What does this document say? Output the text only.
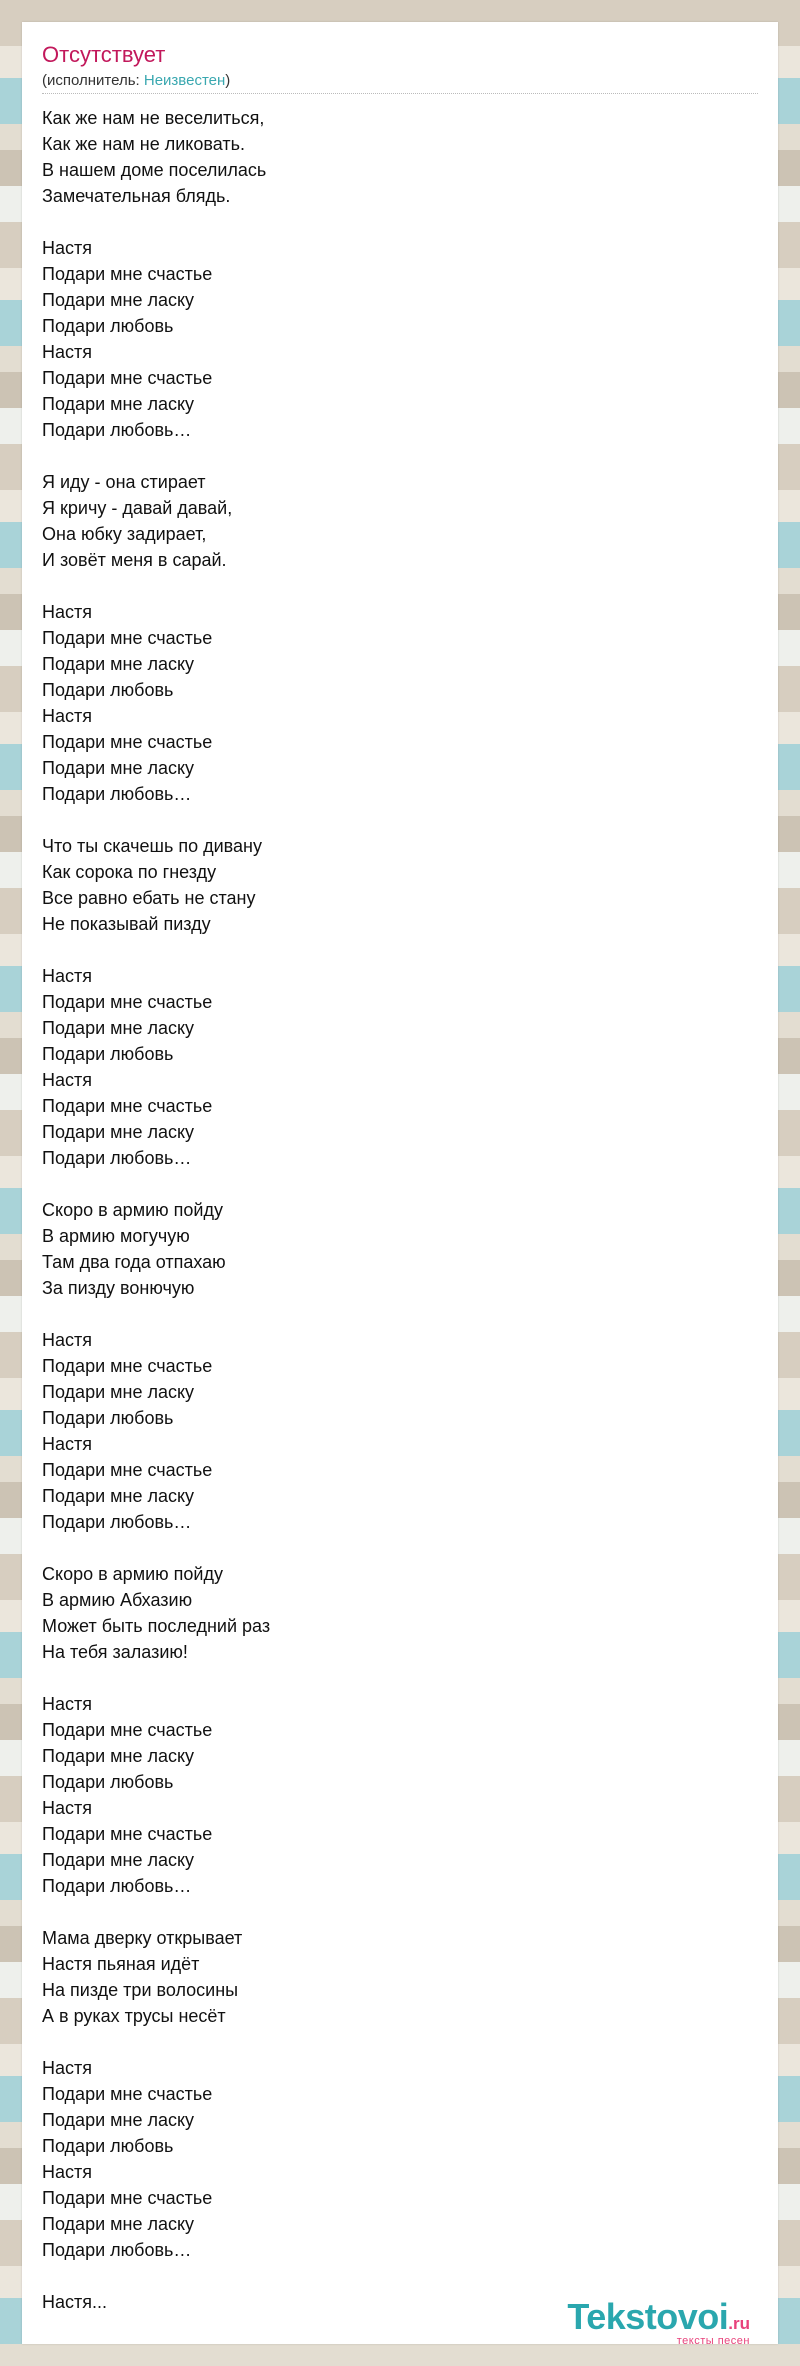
Отсутствует
(исполнитель: Неизвестен)
Как же нам не веселиться,
Как же нам не ликовать.
В нашем доме поселилась
Замечательная блядь.
Настя
Подари мне счастье
Подари мне ласку
Подари любовь
Настя
Подари мне счастье
Подари мне ласку
Подари любовь…
Я иду - она стирает
Я кричу - давай давай,
Она юбку задирает,
И зовёт меня в сарай.
Настя
Подари мне счастье
Подари мне ласку
Подари любовь
Настя
Подари мне счастье
Подари мне ласку
Подари любовь…
Что ты скачешь по дивану
Как сорока по гнезду
Все равно ебать не стану
Не показывай пизду
Настя
Подари мне счастье
Подари мне ласку
Подари любовь
Настя
Подари мне счастье
Подари мне ласку
Подари любовь…
Скоро в армию пойду
В армию могучую
Там два года отпахаю
За пизду вонючую
Настя
Подари мне счастье
Подари мне ласку
Подари любовь
Настя
Подари мне счастье
Подари мне ласку
Подари любовь…
Скоро в армию пойду
В армию Абхазию
Может быть последний раз
На тебя залазию!
Настя
Подари мне счастье
Подари мне ласку
Подари любовь
Настя
Подари мне счастье
Подари мне ласку
Подари любовь…
Мама дверку открывает
Настя пьяная идёт
На пизде три волосины
А в руках трусы несёт
Настя
Подари мне счастье
Подари мне ласку
Подари любовь
Настя
Подари мне счастье
Подари мне ласку
Подари любовь…
Настя...	Tekstovoi.ru
тексты песен
